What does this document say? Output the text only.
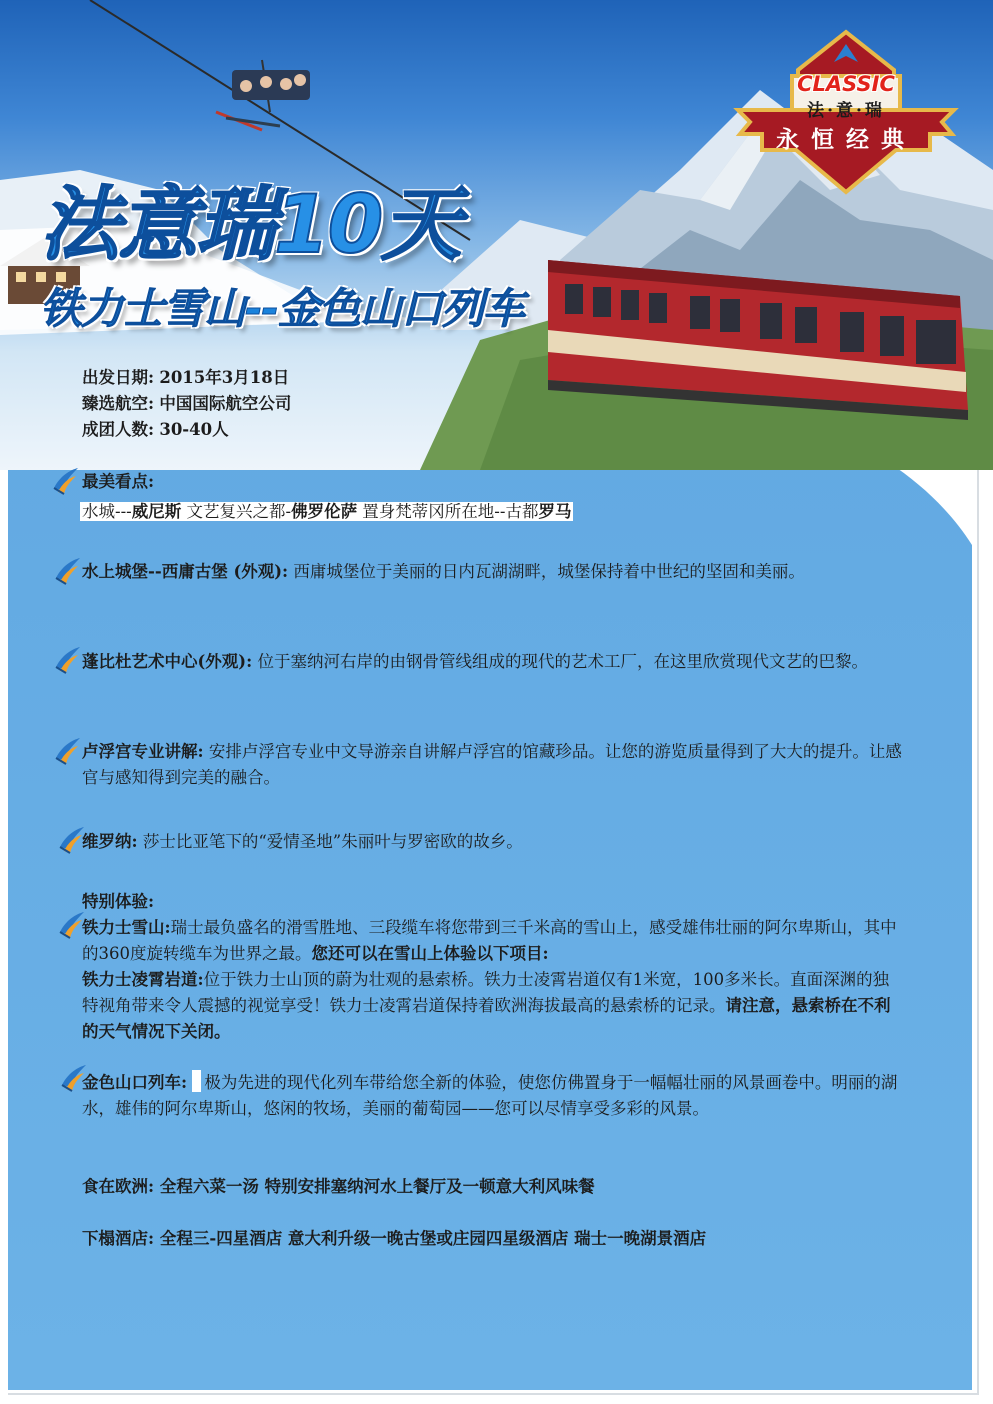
法意瑞10天
铁力士雪山--金色山口列车
CLASSIC
法·意·瑞
永恒经典
出发日期: 2015年3月18日
臻选航空: 中国国际航空公司
成团人数: 30-40人
最美看点:
水城---威尼斯 文艺复兴之都-佛罗伦萨 置身梵蒂冈所在地--古都罗马
水上城堡--西庸古堡 (外观): 西庸城堡位于美丽的日内瓦湖湖畔，城堡保持着中世纪的坚固和美丽。
蓬比杜艺术中心(外观): 位于塞纳河右岸的由钢骨管线组成的现代的艺术工厂，在这里欣赏现代文艺的巴黎。
卢浮宫专业讲解: 安排卢浮宫专业中文导游亲自讲解卢浮宫的馆藏珍品。让您的游览质量得到了大大的提升。让感官与感知得到完美的融合。
维罗纳: 莎士比亚笔下的“爱情圣地”朱丽叶与罗密欧的故乡。
特别体验:
铁力士雪山:瑞士最负盛名的滑雪胜地、三段缆车将您带到三千米高的雪山上，感受雄伟壮丽的阿尔卑斯山，其中的360度旋转缆车为世界之最。您还可以在雪山上体验以下项目:
铁力士凌霄岩道:位于铁力士山顶的蔚为壮观的悬索桥。铁力士凌霄岩道仅有1米宽，100多米长。直面深渊的独特视角带来令人震撼的视觉享受！铁力士凌霄岩道保持着欧洲海拔最高的悬索桥的记录。请注意，悬索桥在不利的天气情况下关闭。
金色山口列车: 极为先进的现代化列车带给您全新的体验，使您仿佛置身于一幅幅壮丽的风景画卷中。明丽的湖水，雄伟的阿尔卑斯山，悠闲的牧场，美丽的葡萄园——您可以尽情享受多彩的风景。
食在欧洲: 全程六菜一汤 特别安排塞纳河水上餐厅及一顿意大利风味餐
下榻酒店: 全程三-四星酒店 意大利升级一晚古堡或庄园四星级酒店 瑞士一晚湖景酒店
